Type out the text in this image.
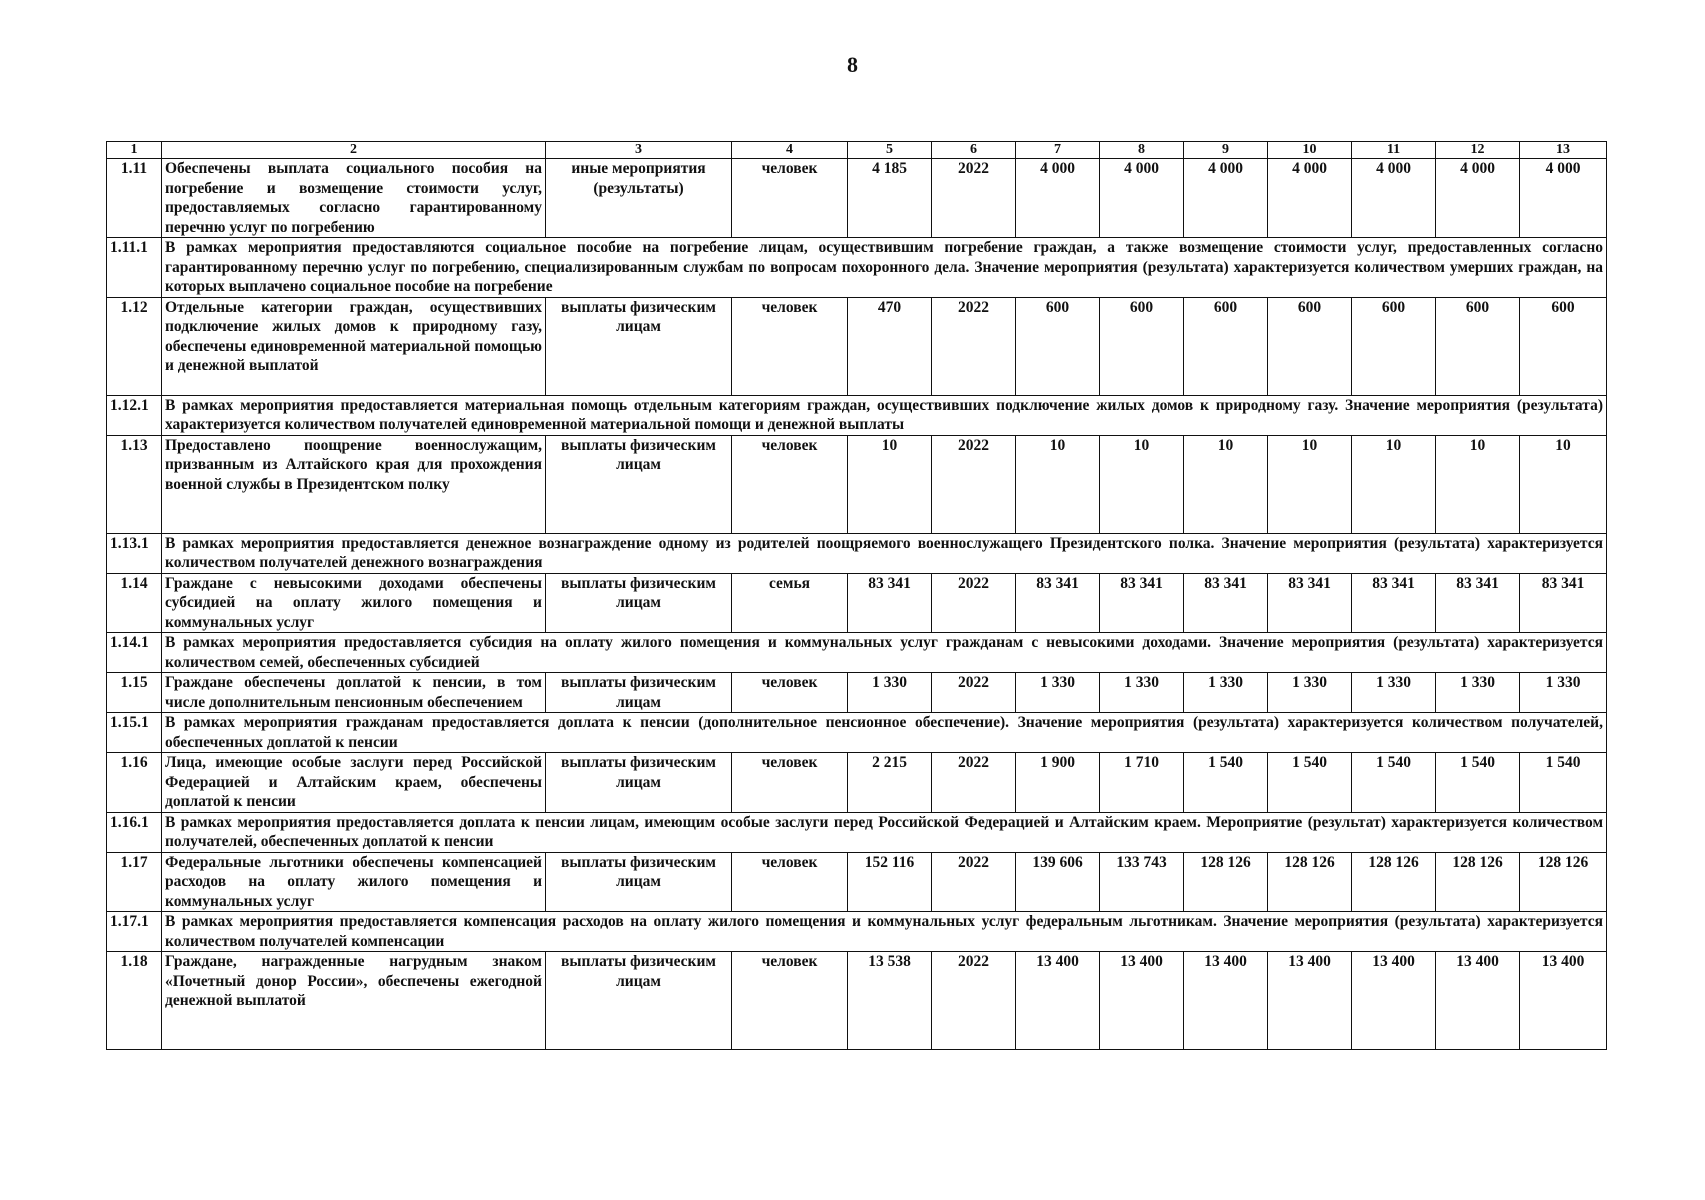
8
1	2	3	4	5	6	7	8	9	10	11	12	13
1.11	Обеспечены выплата социального пособия на погребение и возмещение стоимости услуг, предоставляемых согласно гарантированному перечню услуг по погребению	иные мероприятия (результаты)	человек	4 185	2022	4 000	4 000	4 000	4 000	4 000	4 000	4 000
1.11.1	В рамках мероприятия предоставляются социальное пособие на погребение лицам, осуществившим погребение граждан, а также возмещение стоимости услуг, предоставленных согласно гарантированному перечню услуг по погребению, специализированным службам по вопросам похоронного дела. Значение мероприятия (результата) характеризуется количеством умерших граждан, на которых выплачено социальное пособие на погребение											
1.12	Отдельные категории граждан, осуществивших подключение жилых домов к природному газу, обеспечены единовременной материальной помощью и денежной выплатой	выплаты физическим лицам	человек	470	2022	600	600	600	600	600	600	600
1.12.1	В рамках мероприятия предоставляется материальная помощь отдельным категориям граждан, осуществивших подключение жилых домов к природному газу. Значение мероприятия (результата) характеризуется количеством получателей единовременной материальной помощи и денежной выплаты											
1.13	Предоставлено поощрение военнослужащим, призванным из Алтайского края для прохождения военной службы в Президентском полку	выплаты физическим лицам	человек	10	2022	10	10	10	10	10	10	10
1.13.1	В рамках мероприятия предоставляется денежное вознаграждение одному из родителей поощряемого военнослужащего Президентского полка. Значение мероприятия (результата) характеризуется количеством получателей денежного вознаграждения											
1.14	Граждане с невысокими доходами обеспечены субсидией на оплату жилого помещения и коммунальных услуг	выплаты физическим лицам	семья	83 341	2022	83 341	83 341	83 341	83 341	83 341	83 341	83 341
1.14.1	В рамках мероприятия предоставляется субсидия на оплату жилого помещения и коммунальных услуг гражданам с невысокими доходами. Значение мероприятия (результата) характеризуется количеством семей, обеспеченных субсидией											
1.15	Граждане обеспечены доплатой к пенсии, в том числе дополнительным пенсионным обеспечением	выплаты физическим лицам	человек	1 330	2022	1 330	1 330	1 330	1 330	1 330	1 330	1 330
1.15.1	В рамках мероприятия гражданам предоставляется доплата к пенсии (дополнительное пенсионное обеспечение). Значение мероприятия (результата) характеризуется количеством получателей, обеспеченных доплатой к пенсии											
1.16	Лица, имеющие особые заслуги перед Российской Федерацией и Алтайским краем, обеспечены доплатой к пенсии	выплаты физическим лицам	человек	2 215	2022	1 900	1 710	1 540	1 540	1 540	1 540	1 540
1.16.1	В рамках мероприятия предоставляется доплата к пенсии лицам, имеющим особые заслуги перед Российской Федерацией и Алтайским краем. Мероприятие (результат) характеризуется количеством получателей, обеспеченных доплатой к пенсии											
1.17	Федеральные льготники обеспечены компенсацией расходов на оплату жилого помещения и коммунальных услуг	выплаты физическим лицам	человек	152 116	2022	139 606	133 743	128 126	128 126	128 126	128 126	128 126
1.17.1	В рамках мероприятия предоставляется компенсация расходов на оплату жилого помещения и коммунальных услуг федеральным льготникам. Значение мероприятия (результата) характеризуется количеством получателей компенсации											
1.18	Граждане, награжденные нагрудным знаком «Почетный донор России», обеспечены ежегодной денежной выплатой	выплаты физическим лицам	человек	13 538	2022	13 400	13 400	13 400	13 400	13 400	13 400	13 400
